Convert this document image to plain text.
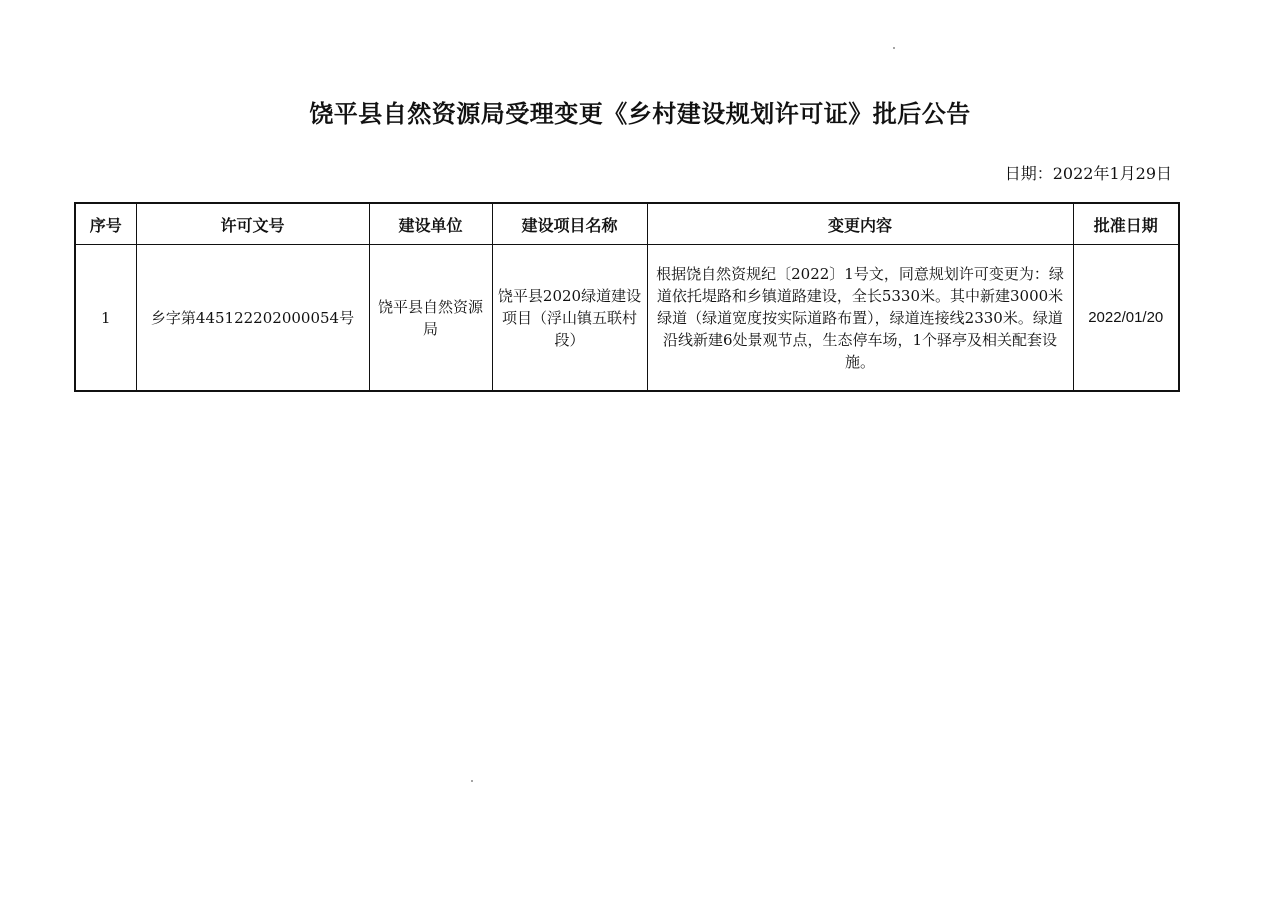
饶平县自然资源局受理变更《乡村建设规划许可证》批后公告
日期：2022年1月29日
序号	许可文号	建设单位	建设项目名称	变更内容	批准日期
1	乡字第445122202000054号	饶平县自然资源局	饶平县2020绿道建设项目（浮山镇五联村段）	根据饶自然资规纪〔2022〕1号文，同意规划许可变更为：绿道依托堤路和乡镇道路建设，全长5330米。其中新建3000米绿道（绿道宽度按实际道路布置），绿道连接线2330米。绿道沿线新建6处景观节点，生态停车场，1个驿亭及相关配套设施。	2022/01/20
